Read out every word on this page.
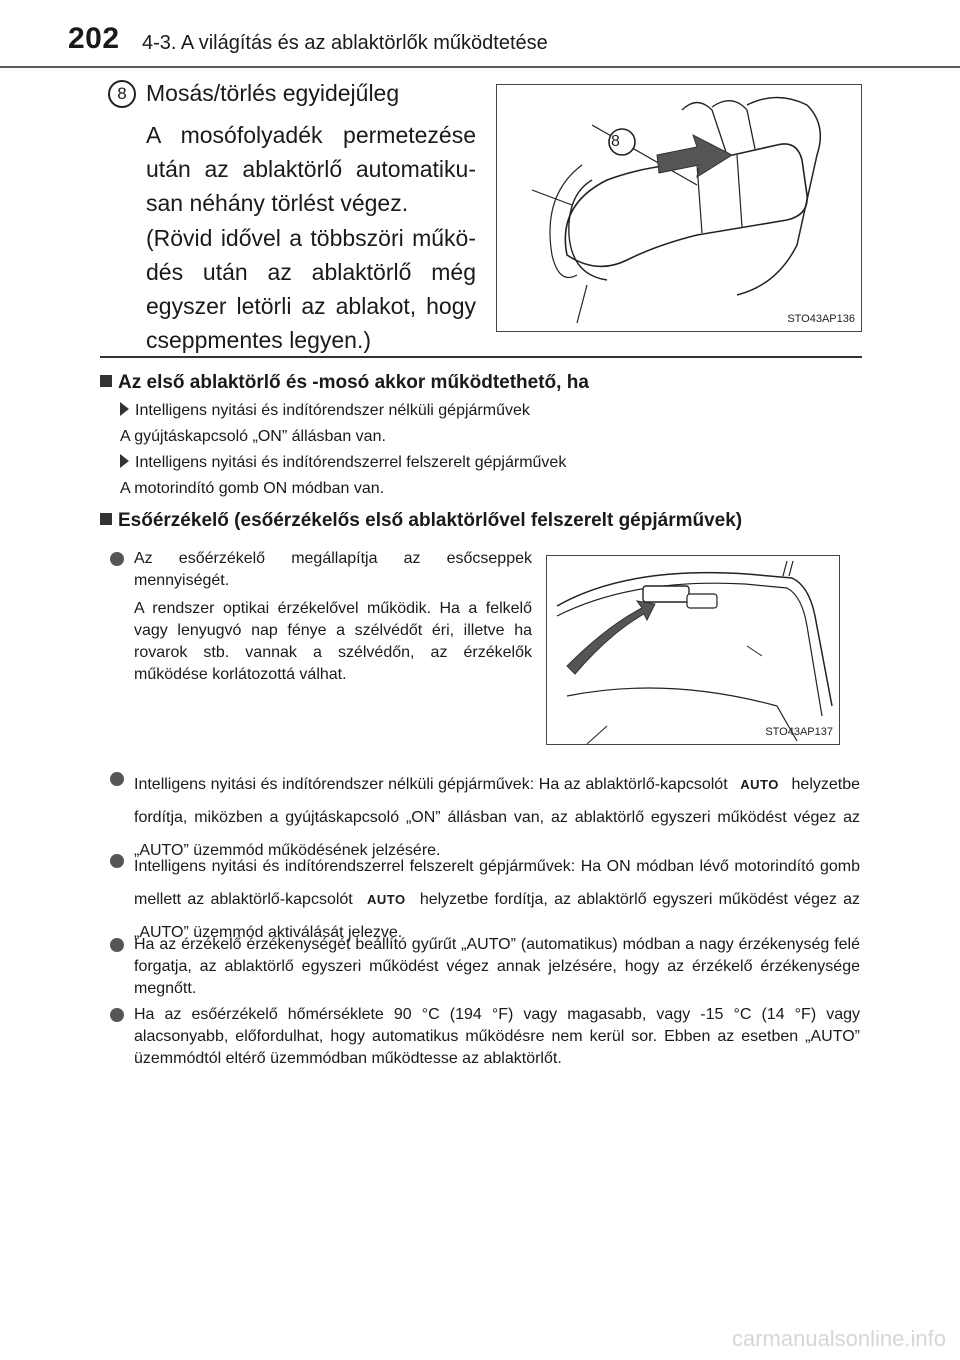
202 4-3. A világítás és az ablaktörlők működtetése
8 Mosás/törlés egyidejűleg
A mosófolyadék permetezése után az ablaktörlő automatikusan néhány törlést végez.
(Rövid idővel a többszöri működés után az ablaktörlő még egyszer letörli az ablakot, hogy cseppmentes legyen.)
8
STO43AP136
Az első ablaktörlő és -mosó akkor működtethető, ha
Intelligens nyitási és indítórendszer nélküli gépjárművek
A gyújtáskapcsoló „ON” állásban van.
Intelligens nyitási és indítórendszerrel felszerelt gépjárművek
A motorindító gomb ON módban van.
Esőérzékelő (esőérzékelős első ablaktörlővel felszerelt gépjárművek)

Az esőérzékelő megállapítja az esőcseppek mennyiségét.

A rendszer optikai érzékelővel működik. Ha a felkelő vagy lenyugvó nap fénye a szélvédőt éri, illetve ha rovarok stb. vannak a szélvédőn, az érzékelők működése korlátozottá válhat.

STO43AP137
Intelligens nyitási és indítórendszer nélküli gépjárművek: Ha az ablaktörlő-kapcsolót AUTO helyzetbe fordítja, miközben a gyújtáskapcsoló „ON” állásban van, az ablaktörlő egyszeri működést végez az „AUTO” üzemmód működésének jelzésére.
Intelligens nyitási és indítórendszerrel felszerelt gépjárművek: Ha ON módban lévő motorindító gomb mellett az ablaktörlő-kapcsolót AUTO helyzetbe fordítja, az ablaktörlő egyszeri működést végez az „AUTO” üzemmód aktiválását jelezve.
Ha az érzékelő érzékenységét beállító gyűrűt „AUTO” (automatikus) módban a nagy érzékenység felé forgatja, az ablaktörlő egyszeri működést végez annak jelzésére, hogy az érzékelő érzékenysége megnőtt.
Ha az esőérzékelő hőmérséklete 90 °C (194 °F) vagy magasabb, vagy -15 °C (14 °F) vagy alacsonyabb, előfordulhat, hogy automatikus működésre nem kerül sor. Ebben az esetben „AUTO” üzemmódtól eltérő üzemmódban működtesse az ablaktörlőt.
carmanualsonline.info
